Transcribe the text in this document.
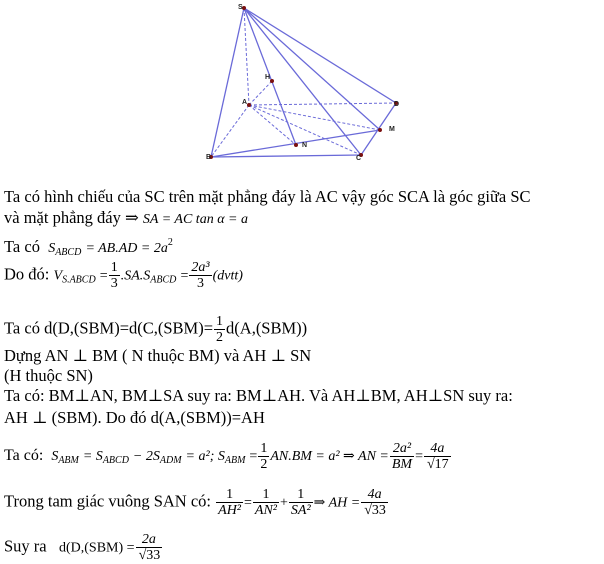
S
H
A	D
M
N
B	C
Ta có hình chiếu của SC trên mặt phẳng đáy là AC vậy góc SCA là góc giữa SC
và mặt phẳng đáy ⇒ SA = AC tan α = a
Ta có $S_{ABCD} = AB.AD = 2a^2$
Do đó: $V_{S.ABCD} = \frac{1}{3} .SA.S_{ABCD} = \frac{\text{2a³}}{3}$ (dvtt)
Ta có $d(D,(SBM)=d(C,(SBM)= \frac{1}{2} d(A,(SBM))$
Dựng AN ⊥ BM ( N thuộc BM) và AH ⊥ SN
(H thuộc SN)
Ta có: BM⊥AN, BM⊥SA suy ra: BM⊥AH. Và AH⊥BM, AH⊥SN suy ra:
AH ⊥ (SBM). Do đó d(A,(SBM))=AH
Ta có: $S_{ABM} = S_{ABCD} - 2S_{ADM} = a^2$; $S_{ABM} = \frac{1}{2} AN.BM = a^2$ ⇒ AN = $\frac{\text{2a²}}{BM} = \frac{4a}{√17}$
Trong tam giác vuông SAN có: $\frac{1}{\text{AH²}} = \frac{1}{\text{AN²}} + \frac{1}{\text{SA²}}$ ⇒ AH = $\frac{4a}{√33}$
Suy ra $d(D,(SBM) = \frac{2a}{√33}$
